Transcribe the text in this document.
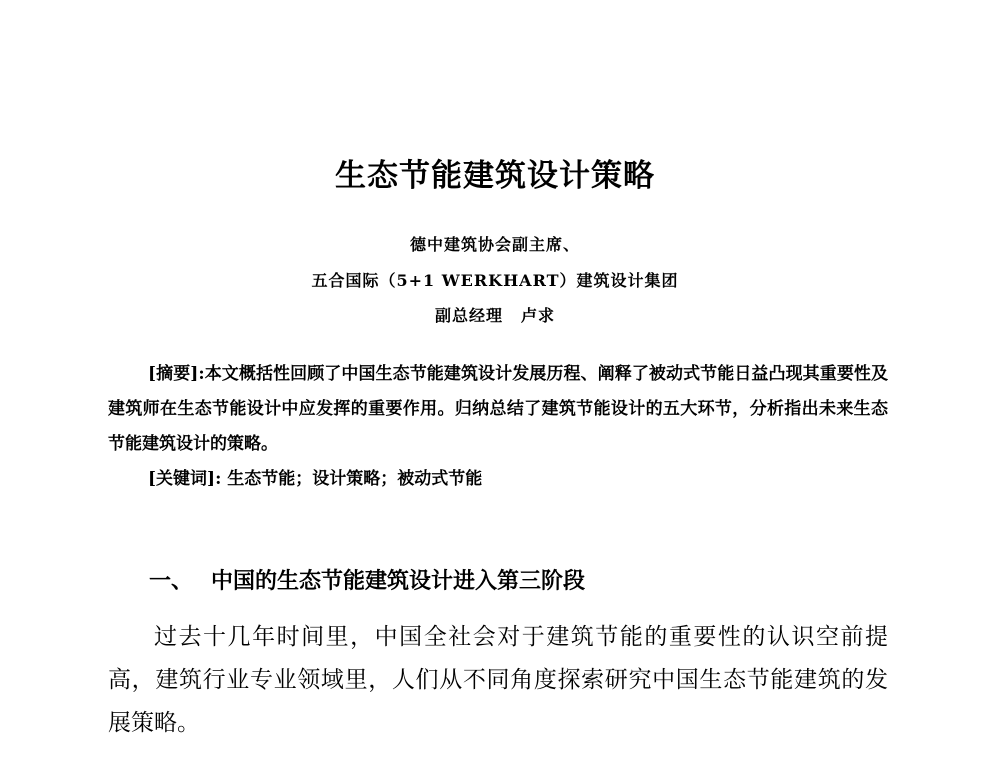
生态节能建筑设计策略
德中建筑协会副主席、
五合国际（5+1 WERKHART）建筑设计集团
副总经理 卢求
[摘要]:本文概括性回顾了中国生态节能建筑设计发展历程、阐释了被动式节能日益凸现其重要性及建筑师在生态节能设计中应发挥的重要作用。归纳总结了建筑节能设计的五大环节，分析指出未来生态节能建筑设计的策略。
[关键词]: 生态节能；设计策略；被动式节能
一、 中国的生态节能建筑设计进入第三阶段
过去十几年时间里，中国全社会对于建筑节能的重要性的认识空前提高，建筑行业专业领域里，人们从不同角度探索研究中国生态节能建筑的发展策略。
